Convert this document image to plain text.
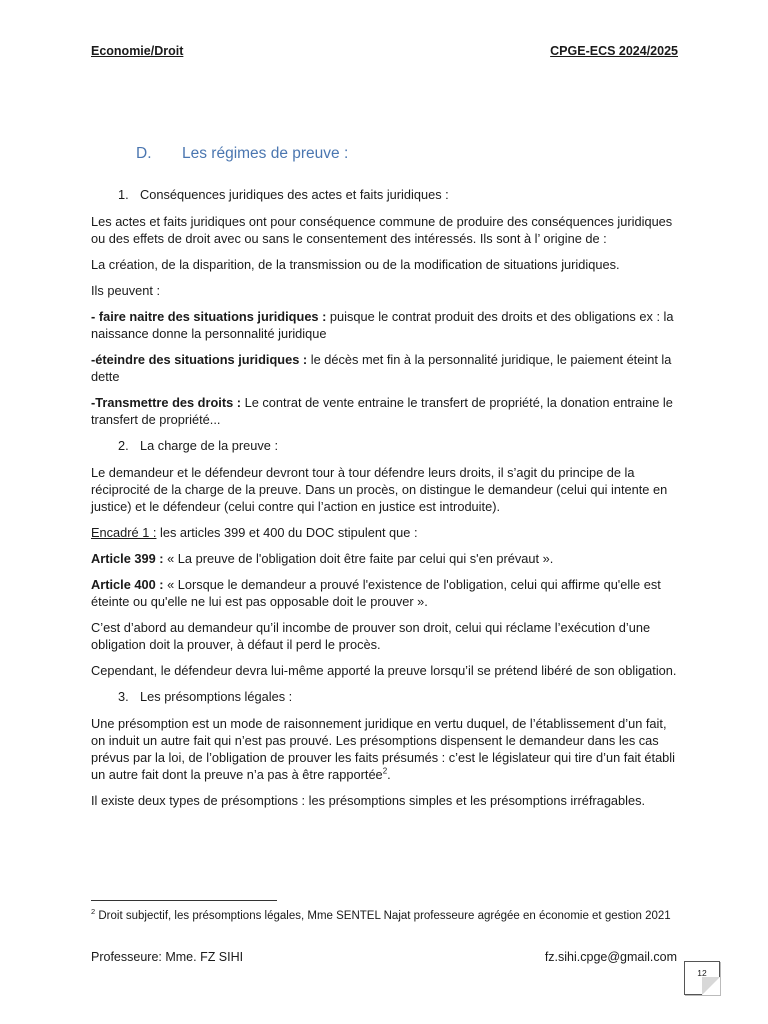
Economie/Droit	CPGE-ECS 2024/2025
D. Les régimes de preuve :

1. Conséquences juridiques des actes et faits juridiques :

Les actes et faits juridiques ont pour conséquence commune de produire des conséquences juridiques ou des effets de droit avec ou sans le consentement des intéressés. Ils sont à l’ origine de :

La création, de la disparition, de la transmission ou de la modification de situations juridiques.

Ils peuvent :

- faire naitre des situations juridiques : puisque le contrat produit des droits et des obligations ex : la naissance donne la personnalité juridique

-éteindre des situations juridiques : le décès met fin à la personnalité juridique, le paiement éteint la dette

-Transmettre des droits : Le contrat de vente entraine le transfert de propriété, la donation entraine le transfert de propriété...

2. La charge de la preuve :

Le demandeur et le défendeur devront tour à tour défendre leurs droits, il s’agit du principe de la réciprocité de la charge de la preuve. Dans un procès, on distingue le demandeur (celui qui intente en justice) et le défendeur (celui contre qui l’action en justice est introduite).

Encadré 1 : les articles 399 et 400 du DOC stipulent que :

Article 399 : « La preuve de l'obligation doit être faite par celui qui s'en prévaut ».

Article 400 : « Lorsque le demandeur a prouvé l'existence de l'obligation, celui qui affirme qu'elle est éteinte ou qu'elle ne lui est pas opposable doit le prouver ».

C’est d’abord au demandeur qu’il incombe de prouver son droit, celui qui réclame l’exécution d’une obligation doit la prouver, à défaut il perd le procès.

Cependant, le défendeur devra lui-même apporté la preuve lorsqu’il se prétend libéré de son obligation.

3. Les présomptions légales :

Une présomption est un mode de raisonnement juridique en vertu duquel, de l’établissement d’un fait, on induit un autre fait qui n’est pas prouvé. Les présomptions dispensent le demandeur dans les cas prévus par la loi, de l’obligation de prouver les faits présumés : c’est le législateur qui tire d’un fait établi un autre fait dont la preuve n’a pas à être rapportée$^2$.

Il existe deux types de présomptions : les présomptions simples et les présomptions irréfragables.

$^2$ Droit subjectif, les présomptions légales, Mme SENTEL Najat professeure agrégée en économie et gestion 2021
Professeure: Mme. FZ SIHI	fz.sihi.cpge@gmail.com
12
